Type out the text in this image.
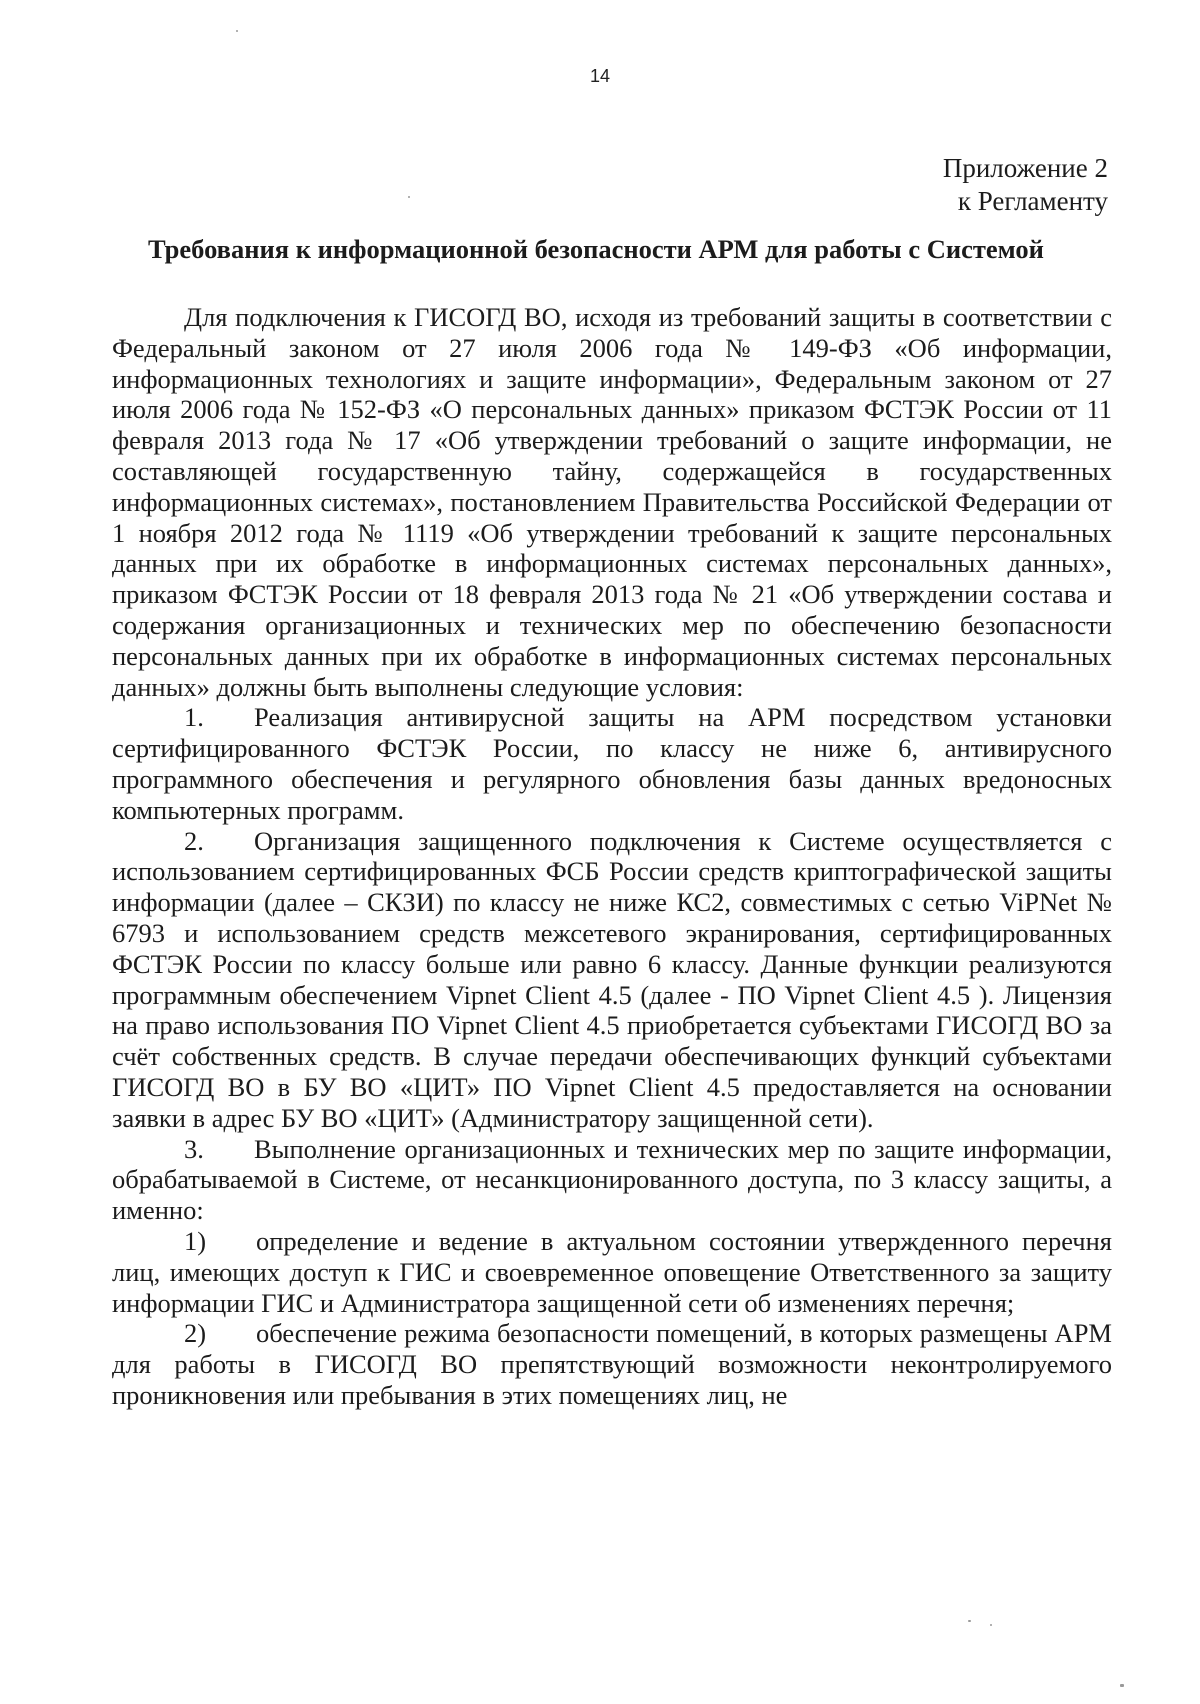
14
Приложение 2
к Регламенту
Требования к информационной безопасности АРМ для работы с Системой

Для подключения к ГИСОГД ВО, исходя из требований защиты в соответствии с Федеральный законом от 27 июля 2006 года № 149-ФЗ «Об информации, информационных технологиях и защите информации», Федеральным законом от 27 июля 2006 года № 152-ФЗ «О персональных данных» приказом ФСТЭК России от 11 февраля 2013 года № 17 «Об утверждении требований о защите информации, не составляющей государственную тайну, содержащейся в государственных информационных системах», постановлением Правительства Российской Федерации от 1 ноября 2012 года № 1119 «Об утверждении требований к защите персональных данных при их обработке в информационных системах персональных данных», приказом ФСТЭК России от 18 февраля 2013 года № 21 «Об утверждении состава и содержания организационных и технических мер по обеспечению безопасности персональных данных при их обработке в информационных системах персональных данных» должны быть выполнены следующие условия:

1. Реализация антивирусной защиты на АРМ посредством установки сертифицированного ФСТЭК России, по классу не ниже 6, антивирусного программного обеспечения и регулярного обновления базы данных вредоносных компьютерных программ.

2. Организация защищенного подключения к Системе осуществляется с использованием сертифицированных ФСБ России средств криптографической защиты информации (далее – СКЗИ) по классу не ниже КС2, совместимых с сетью ViPNet № 6793 и использованием средств межсетевого экранирования, сертифицированных ФСТЭК России по классу больше или равно 6 классу. Данные функции реализуются программным обеспечением Vipnet Client 4.5 (далее - ПО Vipnet Client 4.5 ). Лицензия на право использования ПО Vipnet Client 4.5 приобретается субъектами ГИСОГД ВО за счёт собственных средств. В случае передачи обеспечивающих функций субъектами ГИСОГД ВО в БУ ВО «ЦИТ» ПО Vipnet Client 4.5 предоставляется на основании заявки в адрес БУ ВО «ЦИТ» (Администратору защищенной сети).

3. Выполнение организационных и технических мер по защите информации, обрабатываемой в Системе, от несанкционированного доступа, по 3 классу защиты, а именно:

1) определение и ведение в актуальном состоянии утвержденного перечня лиц, имеющих доступ к ГИС и своевременное оповещение Ответственного за защиту информации ГИС и Администратора защищенной сети об изменениях перечня;

2) обеспечение режима безопасности помещений, в которых размещены АРМ для работы в ГИСОГД ВО препятствующий возможности неконтролируемого проникновения или пребывания в этих помещениях лиц, не
